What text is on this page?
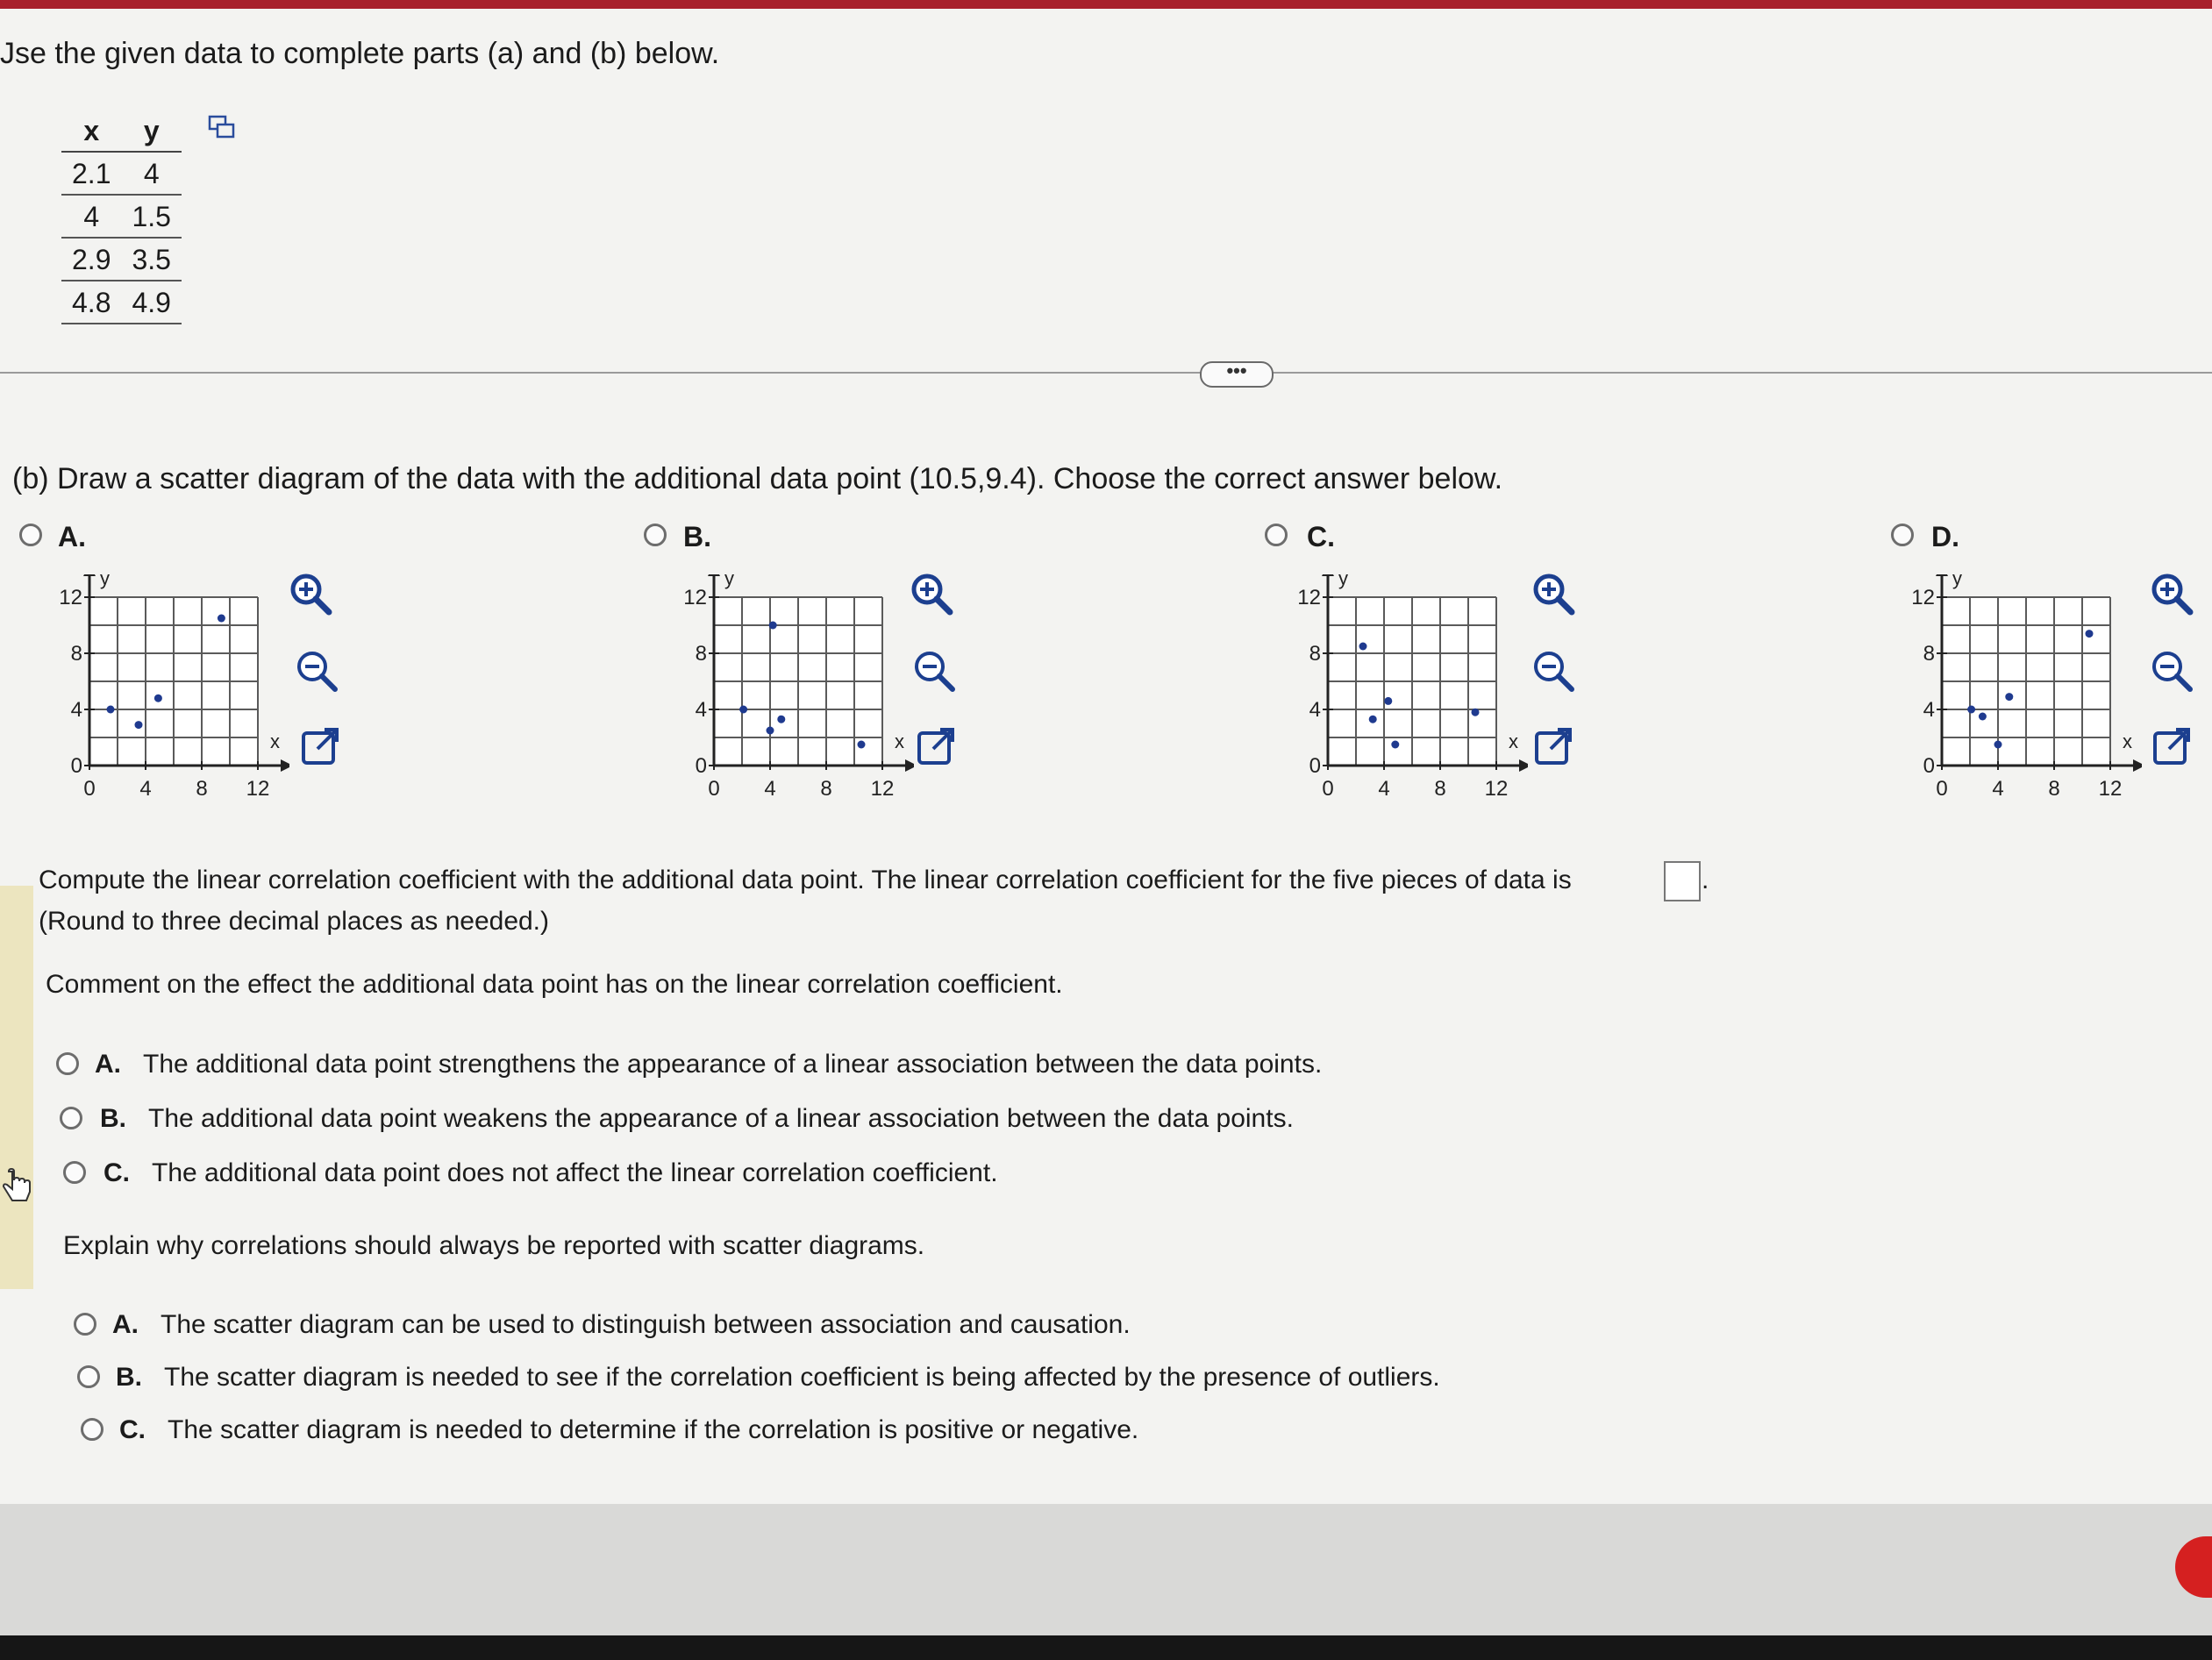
Jse the given data to complete parts (a) and (b) below.
x	y
2.1	4
4	1.5
2.9	3.5
4.8	4.9
•••
(b) Draw a scatter diagram of the data with the additional data point (10.5,9.4). Choose the correct answer below.
A.
x
y
0 4 8 12
0
4
8
12
B.
x
y
0 4 8 12
0
4
8
12
C.
x
y
0 4 8 12
0
4
8
12
D.
x
y
0 4 8 12
0
4
8
12
Compute the linear correlation coefficient with the additional data point. The linear correlation coefficient for the five pieces of data is	.
(Round to three decimal places as needed.)
Comment on the effect the additional data point has on the linear correlation coefficient.
A. The additional data point strengthens the appearance of a linear association between the data points.
B. The additional data point weakens the appearance of a linear association between the data points.
C. The additional data point does not affect the linear correlation coefficient.
Explain why correlations should always be reported with scatter diagrams.
A. The scatter diagram can be used to distinguish between association and causation.
B. The scatter diagram is needed to see if the correlation coefficient is being affected by the presence of outliers.
C. The scatter diagram is needed to determine if the correlation is positive or negative.
